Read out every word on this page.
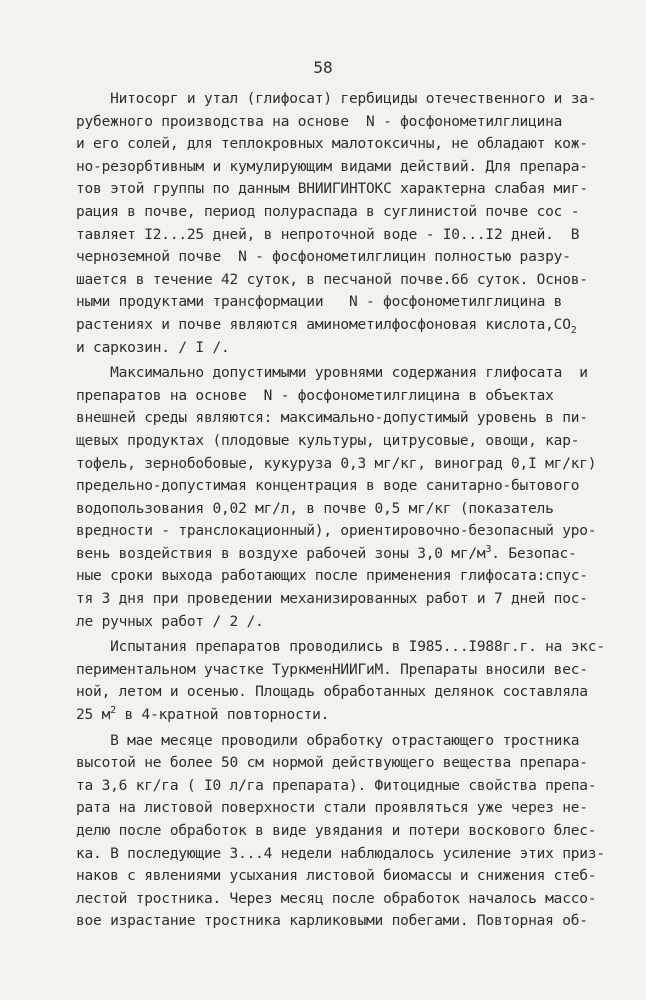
58
Нитосорг и утал (глифосат) гербициды отечественного и за-
рубежного производства на основе  N - фосфонометилглицина
и его солей, для теплокровных малотоксичны, не обладают кож-
но-резорбтивным и кумулирующим видами действий. Для препара-
тов этой группы по данным ВНИИГИНТОКС характерна слабая миг-
рация в почве, период полураспада в суглинистой почве сос -
тавляет I2...25 дней, в непроточной воде - I0...I2 дней.  В
черноземной почве  N - фосфонометилглицин полностью разру-
шается в течение 42 суток, в песчаной почве.66 суток. Основ-
ными продуктами трансформации   N - фосфонометилглицина в
растениях и почве являются аминометилфосфоновая $кислота,CO_2$
и саркозин. / I /.
Максимально допустимыми уровнями содержания глифосата  и
препаратов на основе  N - фосфонометилглицина в объектах
внешней среды являются: максимально-допустимый уровень в пи-
щевых продуктах (плодовые культуры, цитрусовые, овощи, кар-
тофель, зернобобовые, кукуруза 0,3 мг/кг, виноград 0,I мг/кг)
предельно-допустимая концентрация в воде санитарно-бытового
водопользования 0,02 мг/л, в почве 0,5 мг/кг (показатель
вредности - транслокационный), ориентировочно-безопасный уро-
вень воздействия в воздухе рабочей зоны 3,0 $мг/м^3$. Безопас-
ные сроки выхода работающих после применения глифосата:спус-
тя 3 дня при проведении механизированных работ и 7 дней пос-
ле ручных работ / 2 /.
Испытания препаратов проводились в I985...I988г.г. на экс-
периментальном участке ТуркменНИИГиМ. Препараты вносили вес-
ной, летом и осенью. Площадь обработанных делянок составляла
25 $м^2$ в 4-кратной повторности.
В мае месяце проводили обработку отрастающего тростника
высотой не более 50 см нормой действующего вещества препара-
та 3,6 кг/га ( I0 л/га препарата). Фитоцидные свойства препа-
рата на листовой поверхности стали проявляться уже через не-
делю после обработок в виде увядания и потери воскового блес-
ка. В последующие 3...4 недели наблюдалось усиление этих приз-
наков с явлениями усыхания листовой биомассы и снижения стеб-
лестой тростника. Через месяц после обработок началось массо-
вое израстание тростника карликовыми побегами. Повторная об-
